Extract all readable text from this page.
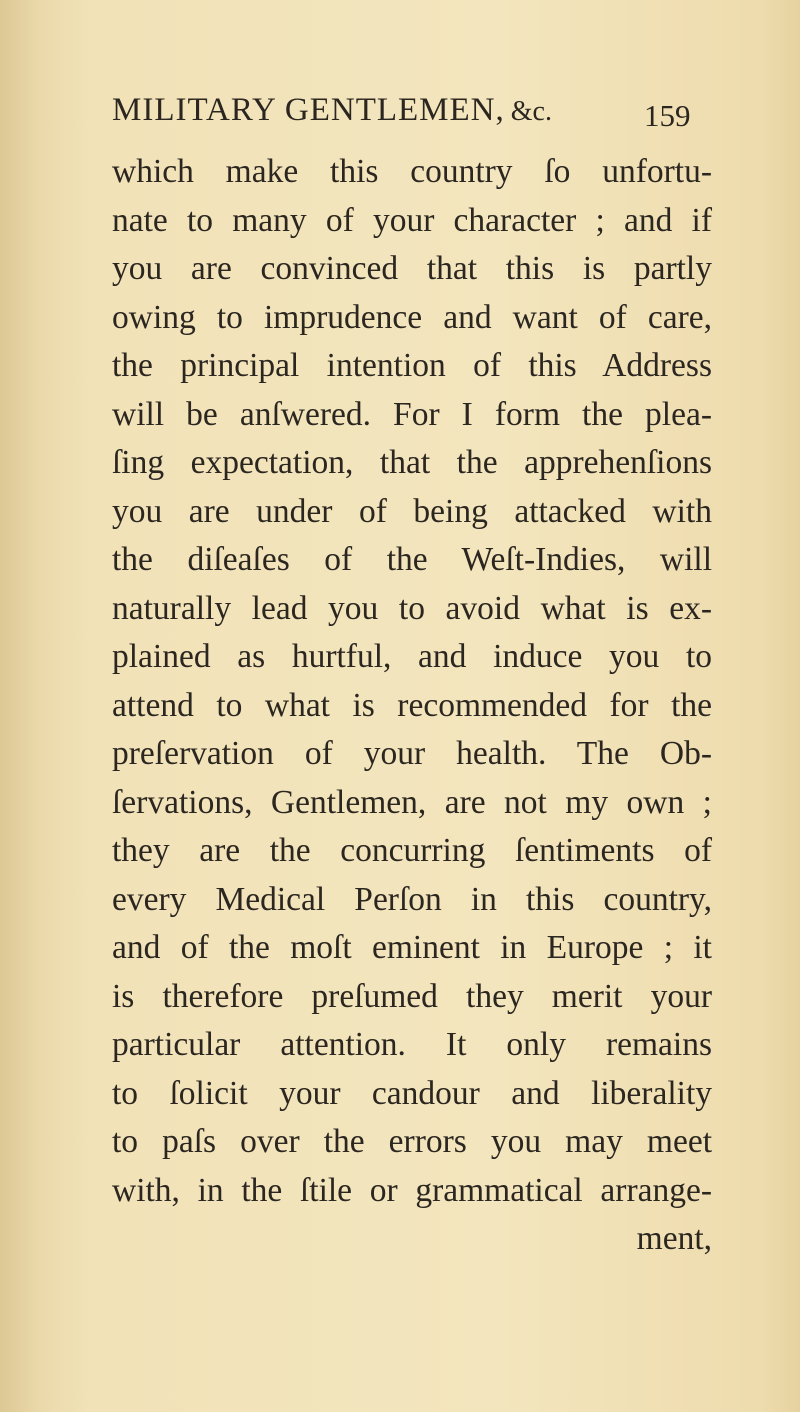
MILITARY GENTLEMEN, &c.	159
which make this country ſo unfortu-
nate to many of your character ; and if
you are convinced that this is partly
owing to imprudence and want of care,
the principal intention of this Address
will be anſwered. For I form the plea-
ſing expectation, that the apprehenſions
you are under of being attacked with
the diſeaſes of the Weſt-Indies, will
naturally lead you to avoid what is ex-
plained as hurtful, and induce you to
attend to what is recommended for the
preſervation of your health. The Ob-
ſervations, Gentlemen, are not my own ;
they are the concurring ſentiments of
every Medical Perſon in this country,
and of the moſt eminent in Europe ; it
is therefore preſumed they merit your
particular attention. It only remains
to ſolicit your candour and liberality
to paſs over the errors you may meet
with, in the ſtile or grammatical arrange-
ment,
